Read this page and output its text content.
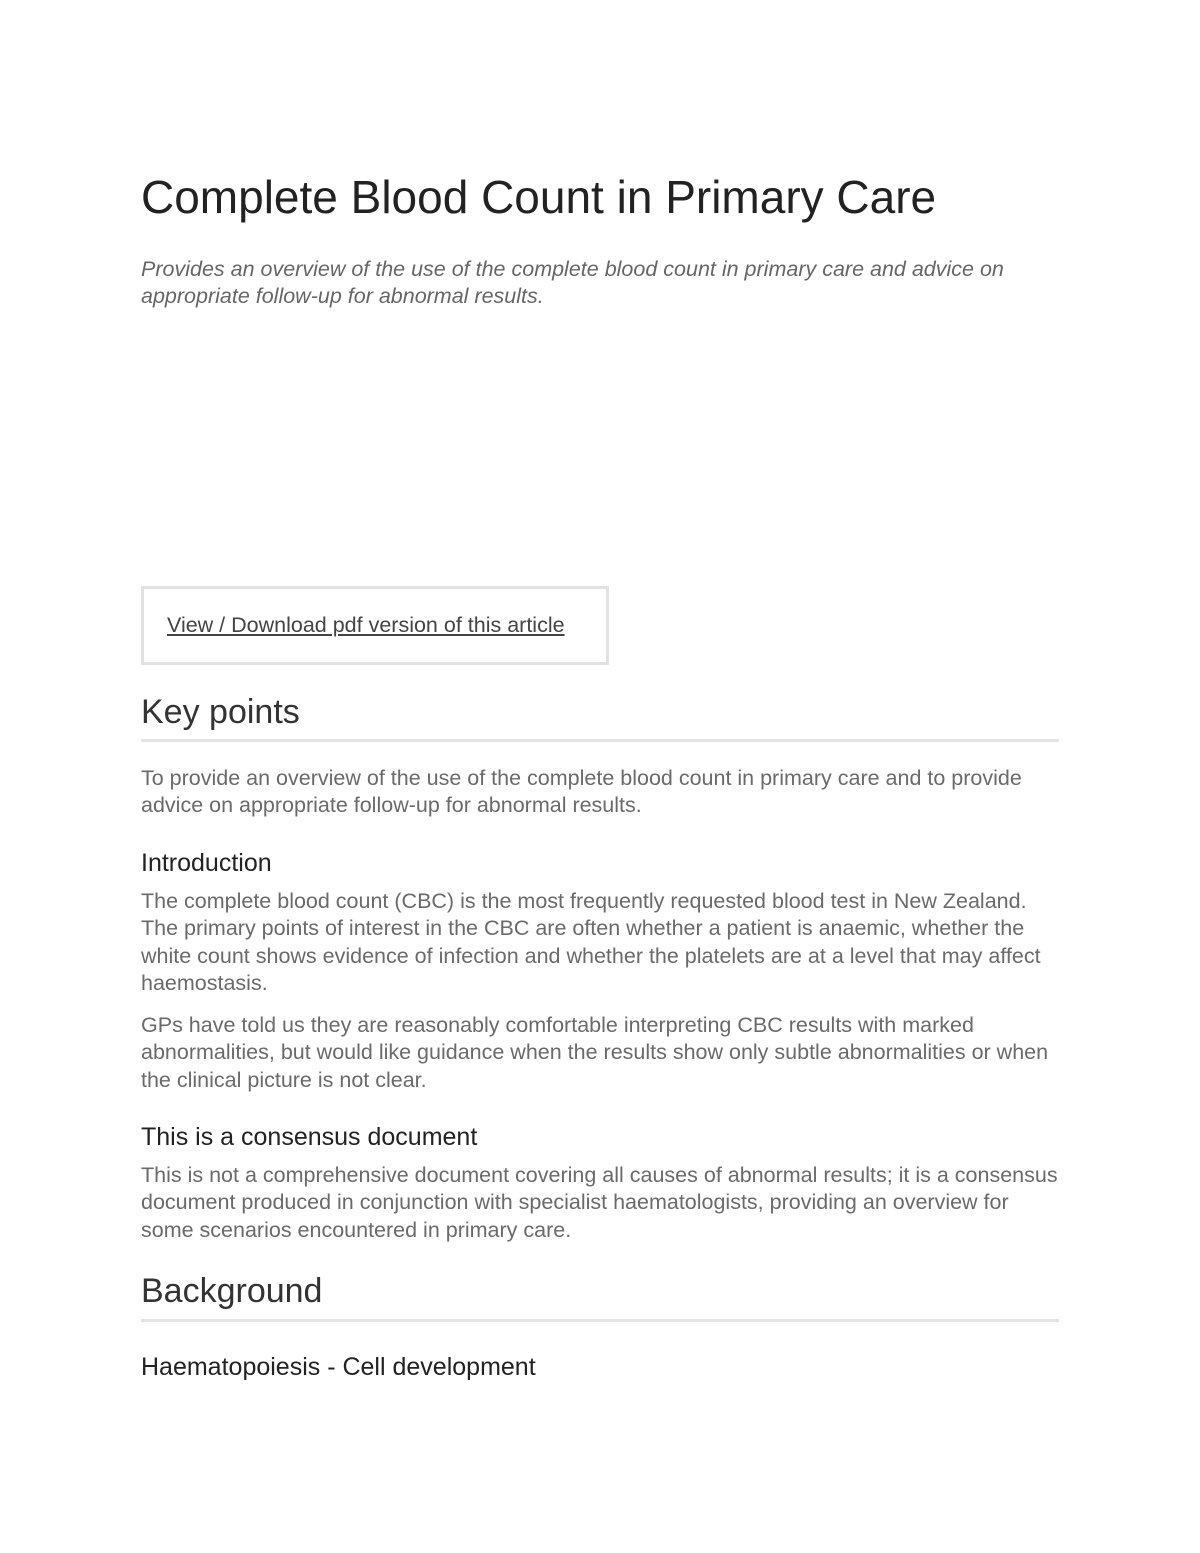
Complete Blood Count in Primary Care

Provides an overview of the use of the complete blood count in primary care and advice on appropriate follow-up for abnormal results.

View / Download pdf version of this article
Key points

To provide an overview of the use of the complete blood count in primary care and to provide advice on appropriate follow-up for abnormal results.

Introduction

The complete blood count (CBC) is the most frequently requested blood test in New Zealand. The primary points of interest in the CBC are often whether a patient is anaemic, whether the white count shows evidence of infection and whether the platelets are at a level that may affect haemostasis.

GPs have told us they are reasonably comfortable interpreting CBC results with marked abnormalities, but would like guidance when the results show only subtle abnormalities or when the clinical picture is not clear.

This is a consensus document

This is not a comprehensive document covering all causes of abnormal results; it is a consensus document produced in conjunction with specialist haematologists, providing an overview for some scenarios encountered in primary care.

Background
Haematopoiesis - Cell development
